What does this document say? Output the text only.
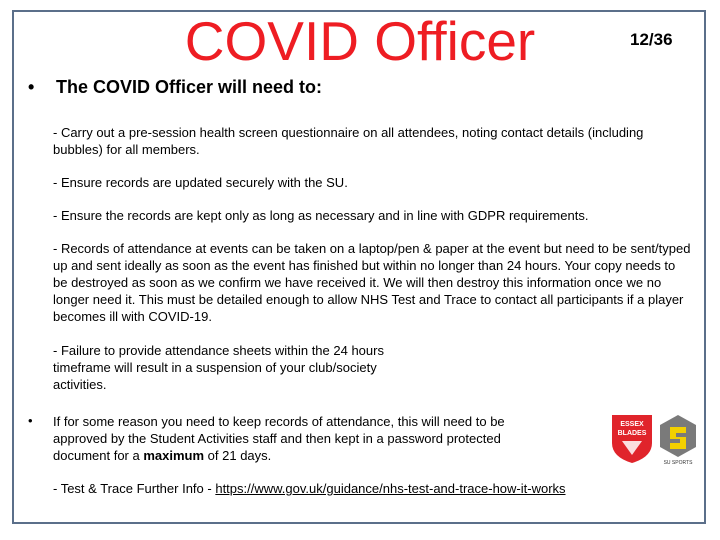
COVID Officer	12/36
• The COVID Officer will need to:
- Carry out a pre-session health screen questionnaire on all attendees, noting contact details (including bubbles) for all members.
- Ensure records are updated securely with the SU.
- Ensure the records are kept only as long as necessary and in line with GDPR requirements.
- Records of attendance at events can be taken on a laptop/pen & paper at the event but need to be sent/typed up and sent ideally as soon as the event has finished but within no longer than 24 hours. Your copy needs to be destroyed as soon as we confirm we have received it. We will then destroy this information once we no longer need it. This must be detailed enough to allow NHS Test and Trace to contact all participants if a player becomes ill with COVID-19.
- Failure to provide attendance sheets within the 24 hours timeframe will result in a suspension of your club/society activities.
• If for some reason you need to keep records of attendance, this will need to be approved by the Student Activities staff and then kept in a password protected document for a maximum of 21 days.
- Test & Trace Further Info - https://www.gov.uk/guidance/nhs-test-and-trace-how-it-works
ESSEX
BLADES
SU SPORTS
